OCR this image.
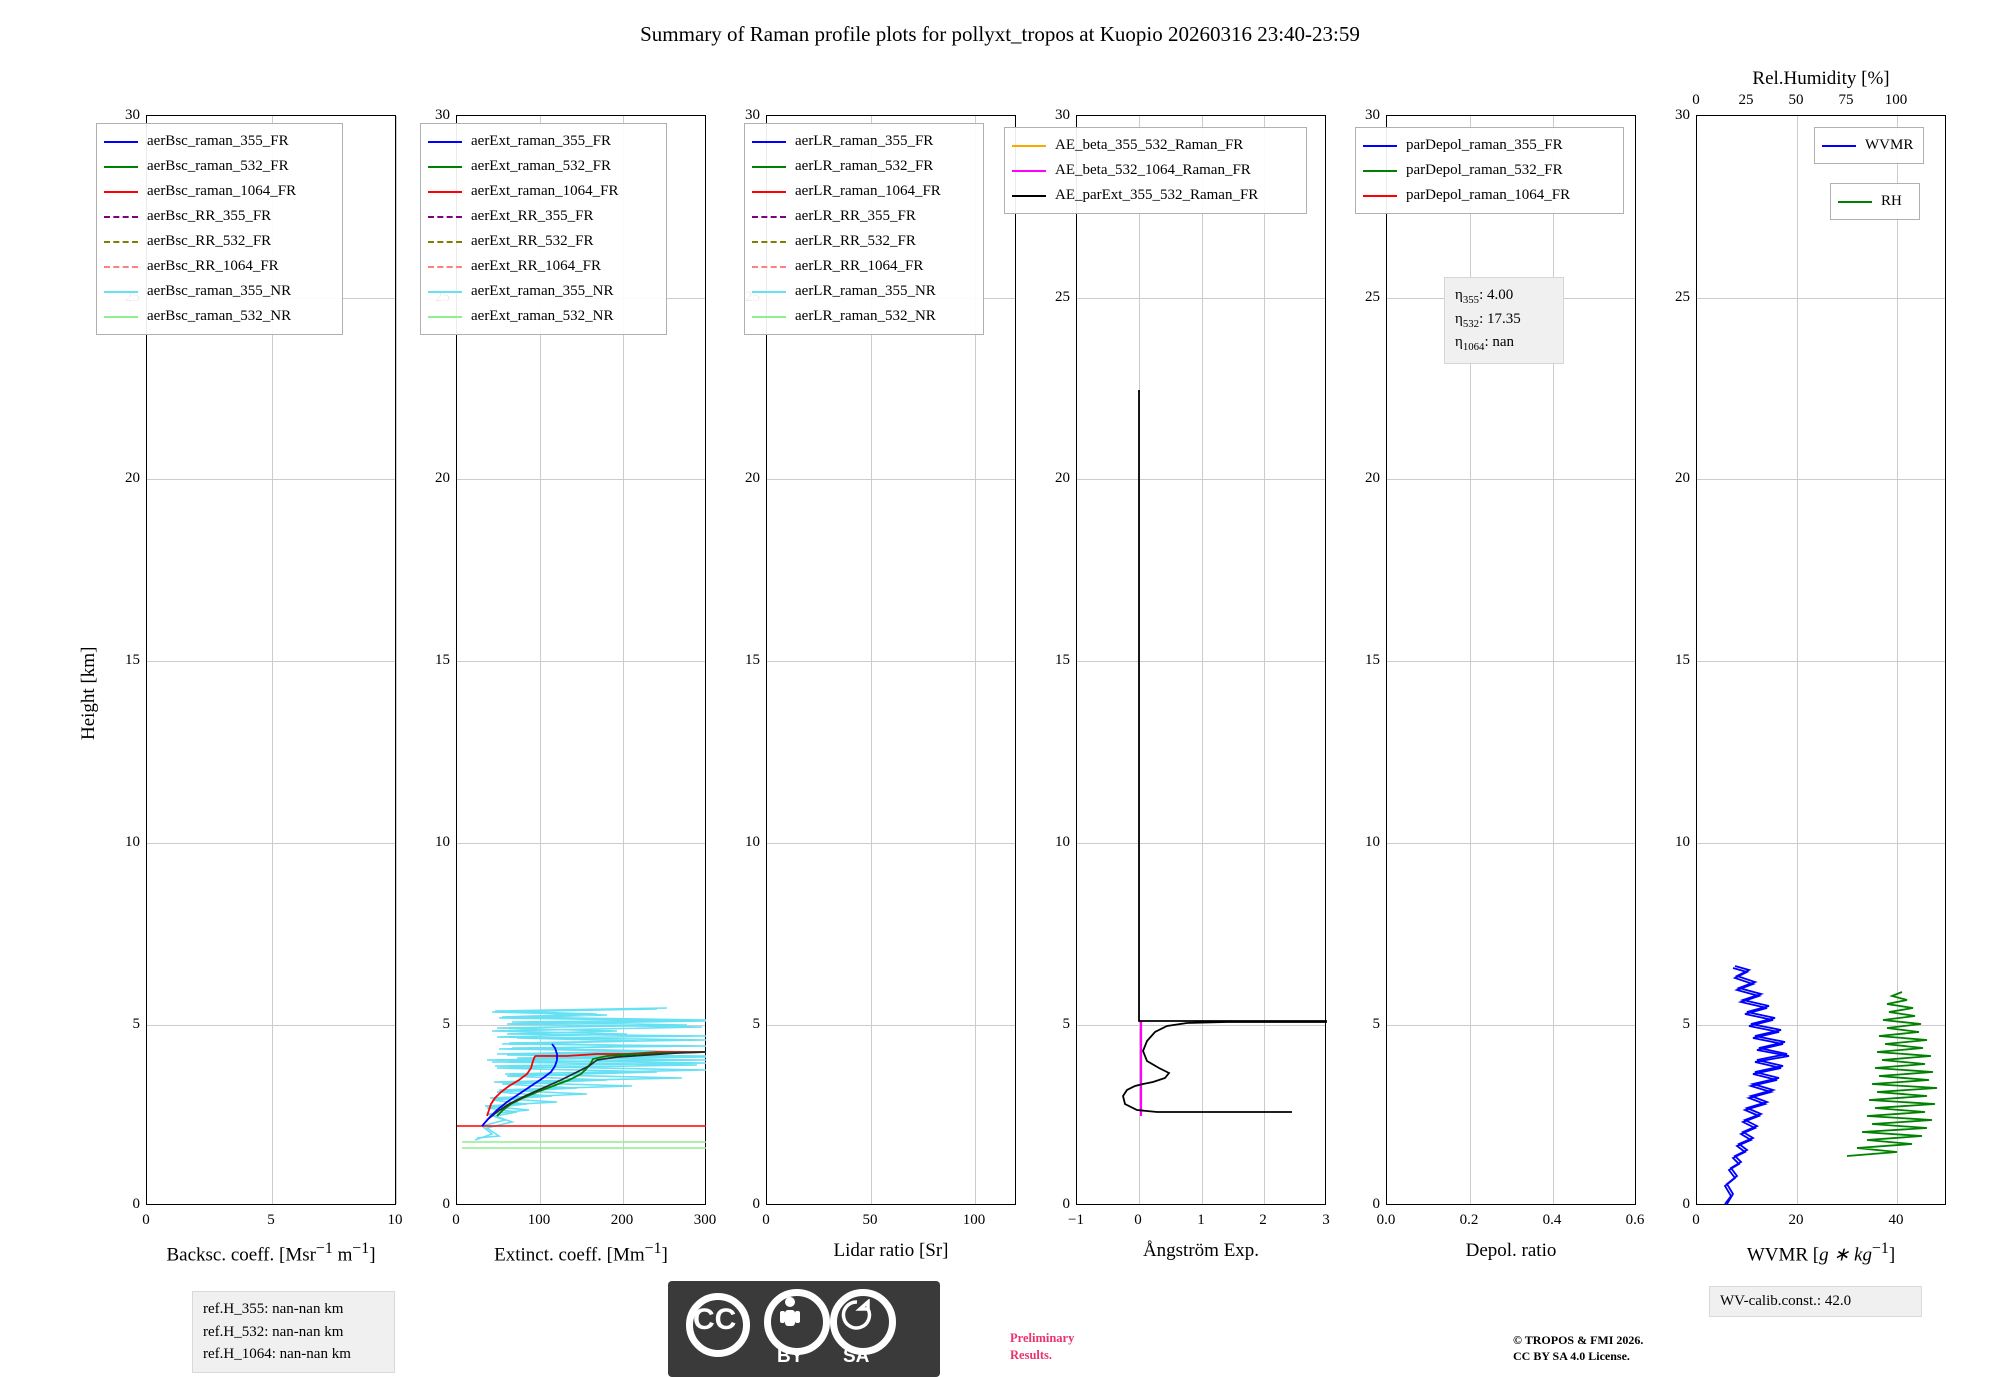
Summary of Raman profile plots for pollyxt_tropos at Kuopio 20260316 23:40-23:59
30
20
15
10
5
0
0	5	10
Backsc. coeff. [Msr$^{-1}$ $m^{-1}$]
Height [km]
30
20
15
10
5
0
0	100	200	300
Extinct. coeff. $[Mm^{-1}]$
30
20
15
10
5
0
0	50	100
Lidar ratio [Sr]
30
25
20
15
10
5
0
−1	0	1	2	3
Ångström Exp.
30
25
20
15
10
5
0
0.0	0.2	0.4	0.6
Depol. ratio
30
25
20
15
10
5
0
0	20	40
WVMR [g ∗ $kg^{-1}$]
Rel.Humidity [%]
0	25	50	75	100
aerBsc_raman_355_FR
aerBsc_raman_532_FR
aerBsc_raman_1064_FR
aerBsc_RR_355_FR
aerBsc_RR_532_FR
aerBsc_RR_1064_FR
aerBsc_raman_355_NR
aerBsc_raman_532_NR
aerExt_raman_355_FR
aerExt_raman_532_FR
aerExt_raman_1064_FR
aerExt_RR_355_FR
aerExt_RR_532_FR
aerExt_RR_1064_FR
aerExt_raman_355_NR
aerExt_raman_532_NR
aerLR_raman_355_FR
aerLR_raman_532_FR
aerLR_raman_1064_FR
aerLR_RR_355_FR
aerLR_RR_532_FR
aerLR_RR_1064_FR
aerLR_raman_355_NR
aerLR_raman_532_NR
AE_beta_355_532_Raman_FR
AE_beta_532_1064_Raman_FR
AE_parExt_355_532_Raman_FR
parDepol_raman_355_FR
parDepol_raman_532_FR
parDepol_raman_1064_FR
WVMR
RH
$\eta_{355}$: 4.00
$\eta_{532}$: 17.35
$\eta_{1064}$: nan
ref.H_355: nan-nan km
ref.H_532: nan-nan km
ref.H_1064: nan-nan km
CC
BY SA
Preliminary
Results.
© TROPOS & FMI 2026.
CC BY SA 4.0 License.
WV-calib.const.: 42.0
